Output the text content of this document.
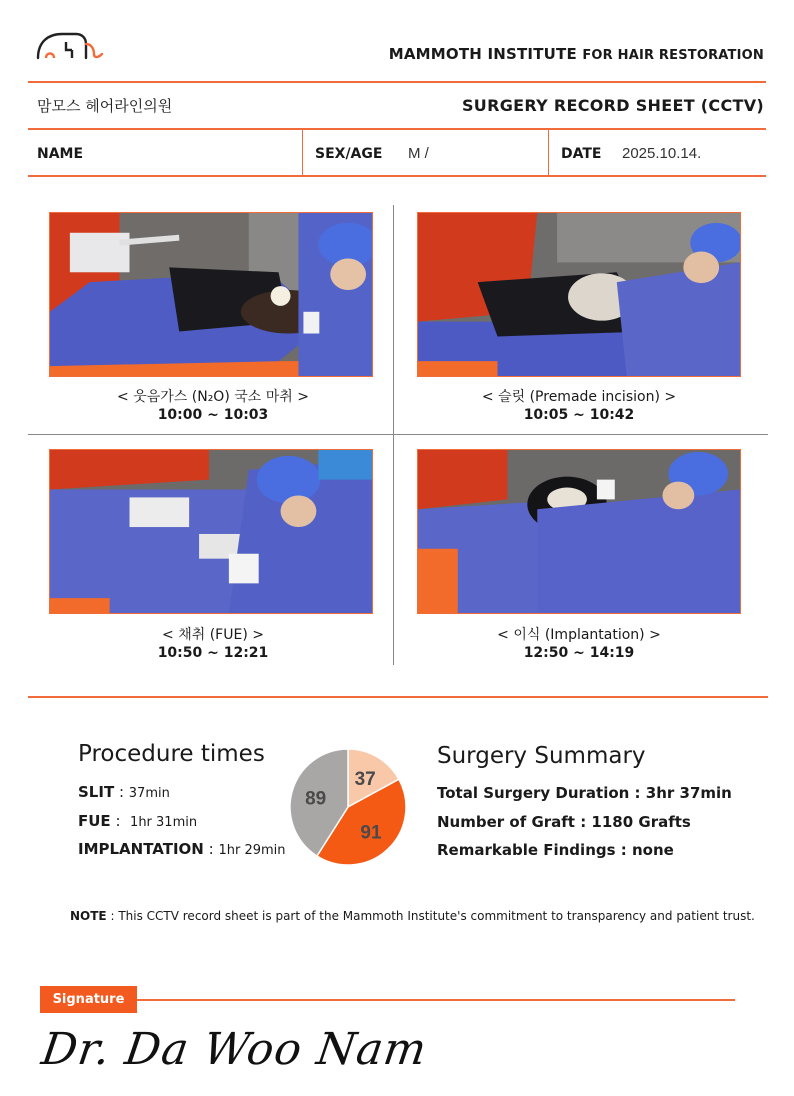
MAMMOTH INSTITUTE FOR HAIR RESTORATION
맘모스 헤어라인의원	SURGERY RECORD SHEET (CCTV)
NAME	SEX/AGE M /	DATE 2025.10.14.
< 웃음가스 (N₂O) 국소 마취 >
10:00 ~ 10:03
< 슬릿 (Premade incision) >
10:05 ~ 10:42
< 채취 (FUE) >
10:50 ~ 12:21
< 이식 (Implantation) >
12:50 ~ 14:19
Procedure times
SLIT : 37min
FUE :  1hr 31min
IMPLANTATION : 1hr 29min
37
91
89
Surgery Summary
Total Surgery Duration : 3hr 37min
Number of Graft : 1180 Grafts
Remarkable Findings : none
NOTE : This CCTV record sheet is part of the Mammoth Institute's commitment to transparency and patient trust.
Signature
Dr. Da Woo Nam
